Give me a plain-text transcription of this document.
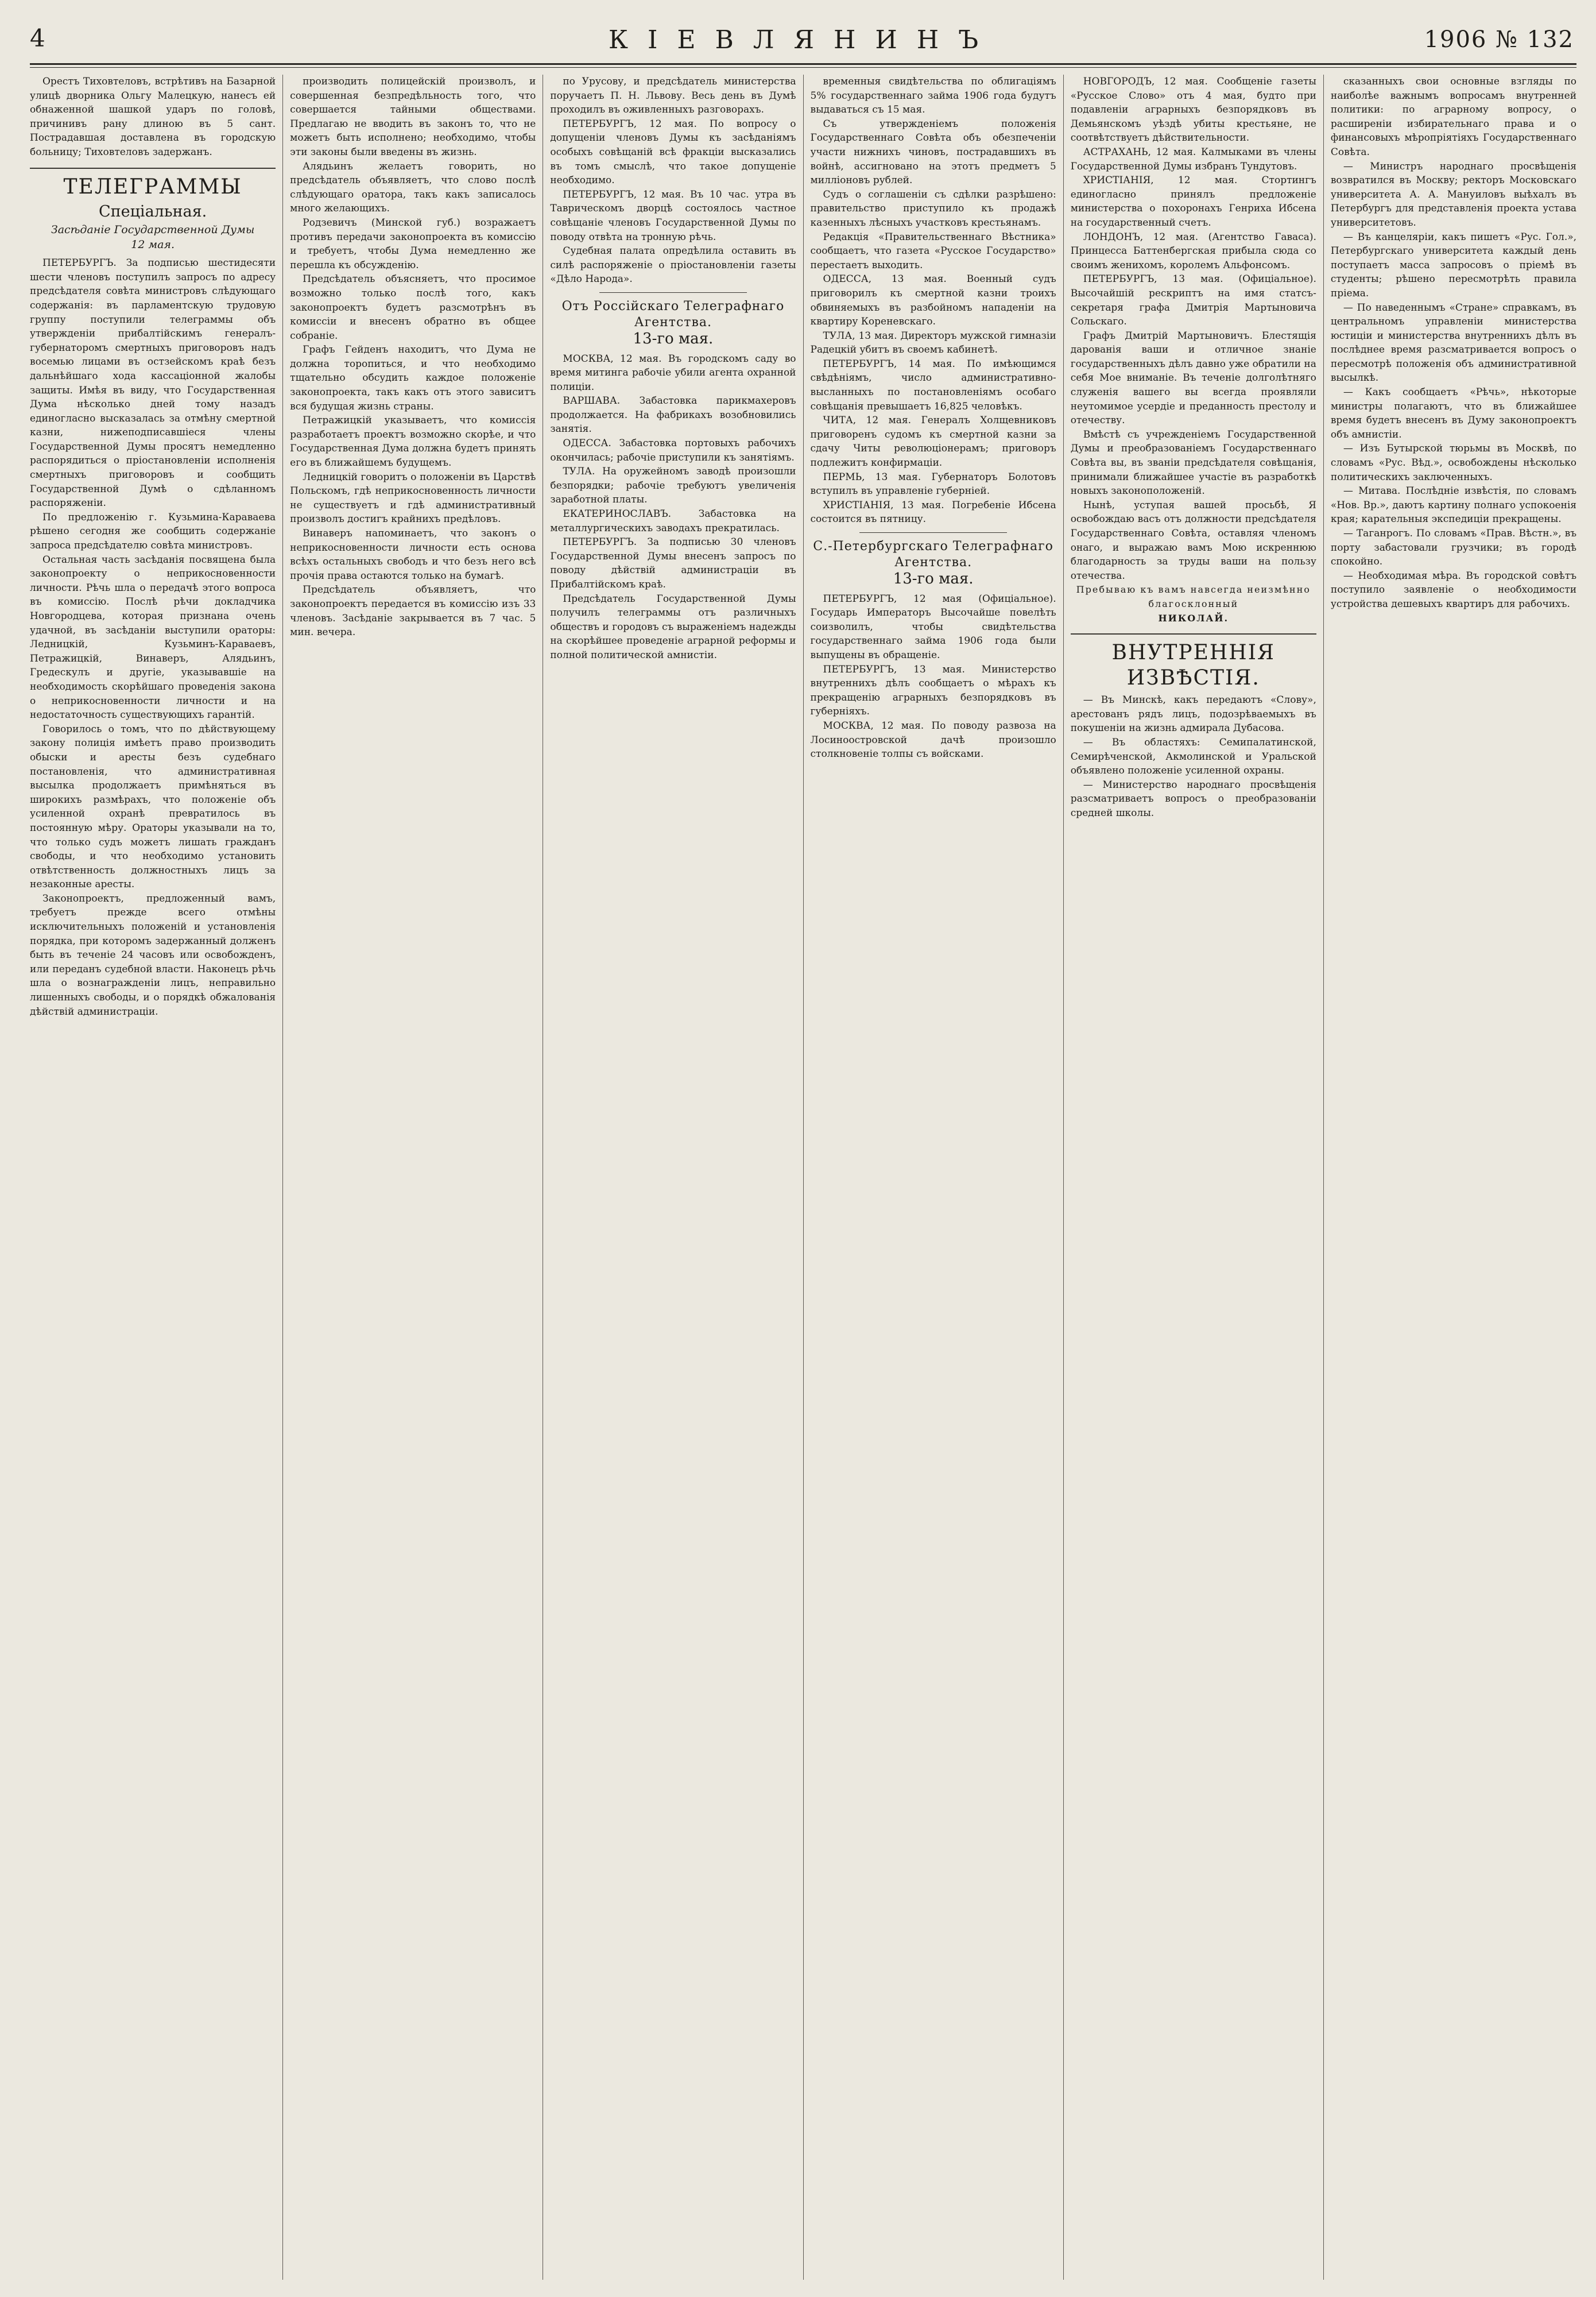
4	КІЕВЛЯНИНЪ	1906 № 132

Орестъ Тиховтеловъ, встрѣтивъ на Базарной улицѣ дворника Ольгу Малецкую, нанесъ ей обнаженной шашкой ударъ по головѣ, причинивъ рану длиною въ 5 сант. Пострадавшая доставлена въ городскую больницу; Тиховтеловъ задержанъ.

ТЕЛЕГРАММЫ
Спеціальная.

Засѣданіе Государственной Думы

12 мая.

ПЕТЕРБУРГЪ. За подписью шестидесяти шести членовъ поступилъ запросъ по адресу предсѣдателя совѣта министровъ слѣдующаго содержанія: въ парламентскую трудовую группу поступили телеграммы объ утвержденіи прибалтійскимъ генералъ-губернаторомъ смертныхъ приговоровъ надъ восемью лицами въ остзейскомъ краѣ безъ дальнѣйшаго хода кассаціонной жалобы защиты. Имѣя въ виду, что Государственная Дума нѣсколько дней тому назадъ единогласно высказалась за отмѣну смертной казни, нижеподписавшіеся члены Государственной Думы просятъ немедленно распорядиться о пріостановленіи исполненія смертныхъ приговоровъ и сообщить Государственной Думѣ о сдѣланномъ распоряженіи.

По предложенію г. Кузьмина-Караваева рѣшено сегодня же сообщить содержаніе запроса предсѣдателю совѣта министровъ.

Остальная часть засѣданія посвящена была законопроекту о неприкосновенности личности. Рѣчь шла о передачѣ этого вопроса въ комиссію. Послѣ рѣчи докладчика Новгородцева, которая признана очень удачной, въ засѣданіи выступили ораторы: Ледницкій, Кузьминъ-Караваевъ, Петражицкій, Винаверъ, Алядьинъ, Гредескулъ и другіе, указывавшіе на необходимость скорѣйшаго проведенія закона о неприкосновенности личности и на недостаточность существующихъ гарантій.

Говорилось о томъ, что по дѣйствующему закону полиція имѣетъ право производить обыски и аресты безъ судебнаго постановленія, что административная высылка продолжаетъ примѣняться въ широкихъ размѣрахъ, что положеніе объ усиленной охранѣ превратилось въ постоянную мѣру. Ораторы указывали на то, что только судъ можетъ лишать гражданъ свободы, и что необходимо установить отвѣтственность должностныхъ лицъ за незаконные аресты.

Законопроектъ, предложенный вамъ, требуетъ прежде всего отмѣны исключительныхъ положеній и установленія порядка, при которомъ задержанный долженъ быть въ теченіе 24 часовъ или освобожденъ, или переданъ судебной власти. Наконецъ рѣчь шла о вознагражденіи лицъ, неправильно лишенныхъ свободы, и о порядкѣ обжалованія дѣйствій администраціи.

производить полицейскій произволъ, и совершенная безпредѣльность того, что совершается тайными обществами. Предлагаю не вводить въ законъ то, что не можетъ быть исполнено; необходимо, чтобы эти законы были введены въ жизнь.

Алядьинъ желаетъ говорить, но предсѣдатель объявляетъ, что слово послѣ слѣдующаго оратора, такъ какъ записалось много желающихъ.

Родзевичъ (Минской губ.) возражаетъ противъ передачи законопроекта въ комиссію и требуетъ, чтобы Дума немедленно же перешла къ обсужденію.

Предсѣдатель объясняетъ, что просимое возможно только послѣ того, какъ законопроектъ будетъ разсмотрѣнъ въ комиссіи и внесенъ обратно въ общее собраніе.

Графъ Гейденъ находитъ, что Дума не должна торопиться, и что необходимо тщательно обсудить каждое положеніе законопроекта, такъ какъ отъ этого зависитъ вся будущая жизнь страны.

Петражицкій указываетъ, что комиссія разработаетъ проектъ возможно скорѣе, и что Государственная Дума должна будетъ принять его въ ближайшемъ будущемъ.

Ледницкій говоритъ о положеніи въ Царствѣ Польскомъ, гдѣ неприкосновенность личности не существуетъ и гдѣ административный произволъ достигъ крайнихъ предѣловъ.

Винаверъ напоминаетъ, что законъ о неприкосновенности личности есть основа всѣхъ остальныхъ свободъ и что безъ него всѣ прочія права остаются только на бумагѣ.

Предсѣдатель объявляетъ, что законопроектъ передается въ комиссію изъ 33 членовъ. Засѣданіе закрывается въ 7 час. 5 мин. вечера.

по Урусову, и предсѣдатель министерства поручаетъ П. Н. Львову. Весь день въ Думѣ проходилъ въ оживленныхъ разговорахъ.

ПЕТЕРБУРГЪ, 12 мая. По вопросу о допущеніи членовъ Думы къ засѣданіямъ особыхъ совѣщаній всѣ фракціи высказались въ томъ смыслѣ, что такое допущеніе необходимо.

ПЕТЕРБУРГЪ, 12 мая. Въ 10 час. утра въ Таврическомъ дворцѣ состоялось частное совѣщаніе членовъ Государственной Думы по поводу отвѣта на тронную рѣчь.

Судебная палата опредѣлила оставить въ силѣ распоряженіе о пріостановленіи газеты «Дѣло Народа».

Отъ Россійскаго Телеграфнаго Агентства.
13-го мая.

МОСКВА, 12 мая. Въ городскомъ саду во время митинга рабочіе убили агента охранной полиціи.

ВАРШАВА. Забастовка парикмахеровъ продолжается. На фабрикахъ возобновились занятія.

ОДЕССА. Забастовка портовыхъ рабочихъ окончилась; рабочіе приступили къ занятіямъ.

ТУЛА. На оружейномъ заводѣ произошли безпорядки; рабочіе требуютъ увеличенія заработной платы.

ЕКАТЕРИНОСЛАВЪ. Забастовка на металлургическихъ заводахъ прекратилась.

ПЕТЕРБУРГЪ. За подписью 30 членовъ Государственной Думы внесенъ запросъ по поводу дѣйствій администраціи въ Прибалтійскомъ краѣ.

Предсѣдатель Государственной Думы получилъ телеграммы отъ различныхъ обществъ и городовъ съ выраженіемъ надежды на скорѣйшее проведеніе аграрной реформы и полной политической амнистіи.

временныя свидѣтельства по облигаціямъ 5% государственнаго займа 1906 года будутъ выдаваться съ 15 мая.

Съ утвержденіемъ положенія Государственнаго Совѣта объ обезпеченіи участи нижнихъ чиновъ, пострадавшихъ въ войнѣ, ассигновано на этотъ предметъ 5 милліоновъ рублей.

Судъ о соглашеніи съ сдѣлки разрѣшено: правительство приступило къ продажѣ казенныхъ лѣсныхъ участковъ крестьянамъ.

Редакція «Правительственнаго Вѣстника» сообщаетъ, что газета «Русское Государство» перестаетъ выходить.

ОДЕССА, 13 мая. Военный судъ приговорилъ къ смертной казни троихъ обвиняемыхъ въ разбойномъ нападеніи на квартиру Кореневскаго.

ТУЛА, 13 мая. Директоръ мужской гимназіи Радецкій убитъ въ своемъ кабинетѣ.

ПЕТЕРБУРГЪ, 14 мая. По имѣющимся свѣдѣніямъ, число административно-высланныхъ по постановленіямъ особаго совѣщанія превышаетъ 16,825 человѣкъ.

ЧИТА, 12 мая. Генералъ Холщевниковъ приговоренъ судомъ къ смертной казни за сдачу Читы революціонерамъ; приговоръ подлежитъ конфирмаціи.

ПЕРМЬ, 13 мая. Губернаторъ Болотовъ вступилъ въ управленіе губерніей.

ХРИСТІАНІЯ, 13 мая. Погребеніе Ибсена состоится въ пятницу.

С.-Петербургскаго Телеграфнаго Агентства.
13-го мая.

ПЕТЕРБУРГЪ, 12 мая (Офиціальное). Государь Императоръ Высочайше повелѣть соизволилъ, чтобы свидѣтельства государственнаго займа 1906 года были выпущены въ обращеніе.

ПЕТЕРБУРГЪ, 13 мая. Министерство внутреннихъ дѣлъ сообщаетъ о мѣрахъ къ прекращенію аграрныхъ безпорядковъ въ губерніяхъ.

МОСКВА, 12 мая. По поводу развоза на Лосиноостровской дачѣ произошло столкновеніе толпы съ войсками.

НОВГОРОДЪ, 12 мая. Сообщеніе газеты «Русское Слово» отъ 4 мая, будто при подавленіи аграрныхъ безпорядковъ въ Демьянскомъ уѣздѣ убиты крестьяне, не соотвѣтствуетъ дѣйствительности.

АСТРАХАНЬ, 12 мая. Калмыками въ члены Государственной Думы избранъ Тундутовъ.

ХРИСТІАНІЯ, 12 мая. Стортингъ единогласно принялъ предложеніе министерства о похоронахъ Генриха Ибсена на государственный счетъ.

ЛОНДОНЪ, 12 мая. (Агентство Гаваса). Принцесса Баттенбергская прибыла сюда со своимъ женихомъ, королемъ Альфонсомъ.

ПЕТЕРБУРГЪ, 13 мая. (Офиціальное). Высочайшій рескриптъ на имя статсъ-секретаря графа Дмитрія Мартыновича Сольскаго.

Графъ Дмитрій Мартыновичъ. Блестящія дарованія ваши и отличное знаніе государственныхъ дѣлъ давно уже обратили на себя Мое вниманіе. Въ теченіе долголѣтняго служенія вашего вы всегда проявляли неутомимое усердіе и преданность престолу и отечеству.

Вмѣстѣ съ учрежденіемъ Государственной Думы и преобразованіемъ Государственнаго Совѣта вы, въ званіи предсѣдателя совѣщанія, принимали ближайшее участіе въ разработкѣ новыхъ законоположеній.

Нынѣ, уступая вашей просьбѣ, Я освобождаю васъ отъ должности предсѣдателя Государственнаго Совѣта, оставляя членомъ онаго, и выражаю вамъ Мою искреннюю благодарность за труды ваши на пользу отечества.

Пребываю къ вамъ навсегда неизмѣнно благосклонный

НИКОЛАЙ.

ВНУТРЕННІЯ ИЗВѢСТІЯ.

— Въ Минскѣ, какъ передаютъ «Слову», арестованъ рядъ лицъ, подозрѣваемыхъ въ покушеніи на жизнь адмирала Дубасова.

— Въ областяхъ: Семипалатинской, Семирѣченской, Акмолинской и Уральской объявлено положеніе усиленной охраны.

— Министерство народнаго просвѣщенія разсматриваетъ вопросъ о преобразованіи средней школы.

сказанныхъ свои основные взгляды по наиболѣе важнымъ вопросамъ внутренней политики: по аграрному вопросу, о расширеніи избирательнаго права и о финансовыхъ мѣропріятіяхъ Государственнаго Совѣта.

— Министръ народнаго просвѣщенія возвратился въ Москву; ректоръ Московскаго университета А. А. Мануиловъ выѣхалъ въ Петербургъ для представленія проекта устава университетовъ.

— Въ канцеляріи, какъ пишетъ «Рус. Гол.», Петербургскаго университета каждый день поступаетъ масса запросовъ о пріемѣ въ студенты; рѣшено пересмотрѣть правила пріема.

— По наведеннымъ «Стране» справкамъ, въ центральномъ управленіи министерства юстиціи и министерства внутреннихъ дѣлъ въ послѣднее время разсматривается вопросъ о пересмотрѣ положенія объ административной высылкѣ.

— Какъ сообщаетъ «Рѣчь», нѣкоторые министры полагаютъ, что въ ближайшее время будетъ внесенъ въ Думу законопроектъ объ амнистіи.

— Изъ Бутырской тюрьмы въ Москвѣ, по словамъ «Рус. Вѣд.», освобождены нѣсколько политическихъ заключенныхъ.

— Митава. Послѣдніе извѣстія, по словамъ «Нов. Вр.», даютъ картину полнаго успокоенія края; карательныя экспедиціи прекращены.

— Таганрогъ. По словамъ «Прав. Вѣстн.», въ порту забастовали грузчики; въ городѣ спокойно.

— Необходимая мѣра. Въ городской совѣтъ поступило заявленіе о необходимости устройства дешевыхъ квартиръ для рабочихъ.
